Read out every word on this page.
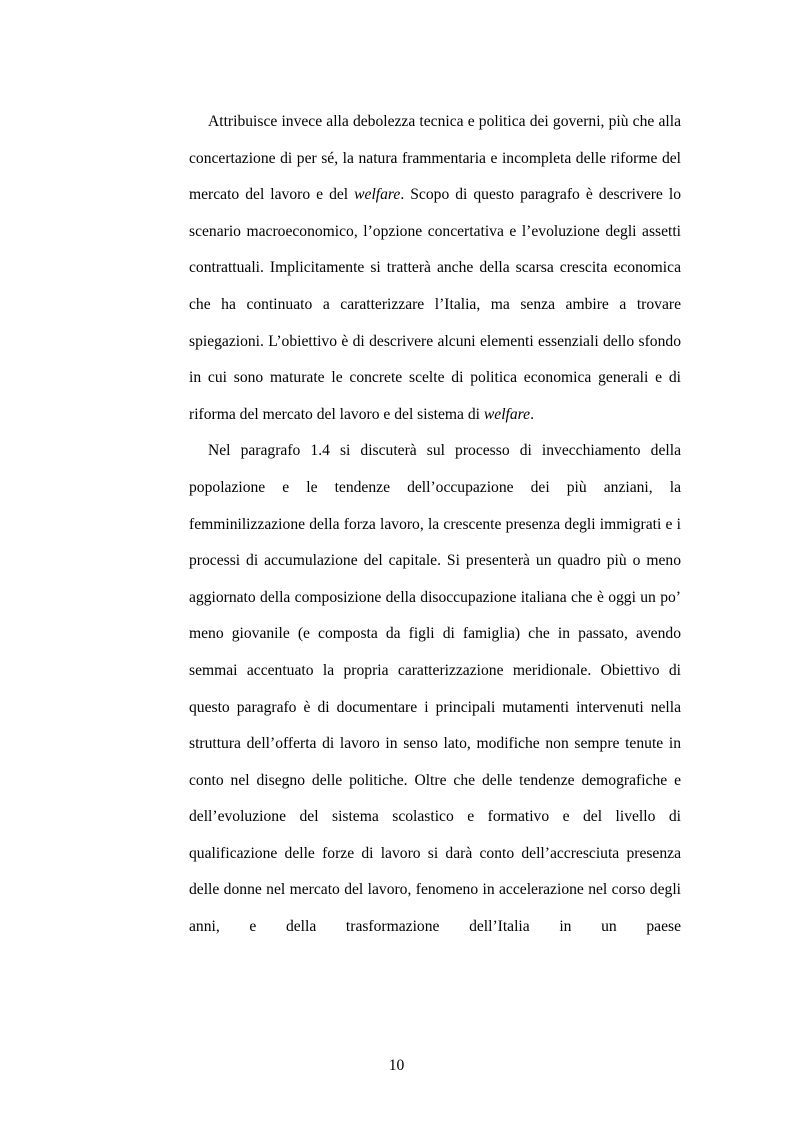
Attribuisce invece alla debolezza tecnica e politica dei governi, più che alla concertazione di per sé, la natura frammentaria e incompleta delle riforme del mercato del lavoro e del welfare. Scopo di questo paragrafo è descrivere lo scenario macroeconomico, l’opzione concertativa e l’evoluzione degli assetti contrattuali. Implicitamente si tratterà anche della scarsa crescita economica che ha continuato a caratterizzare l’Italia, ma senza ambire a trovare spiegazioni. L’obiettivo è di descrivere alcuni elementi essenziali dello sfondo in cui sono maturate le concrete scelte di politica economica generali e di riforma del mercato del lavoro e del sistema di welfare.

Nel paragrafo 1.4 si discuterà sul processo di invecchiamento della popolazione e le tendenze dell’occupazione dei più anziani, la femminilizzazione della forza lavoro, la crescente presenza degli immigrati e i processi di accumulazione del capitale. Si presenterà un quadro più o meno aggiornato della composizione della disoccupazione italiana che è oggi un po’ meno giovanile (e composta da figli di famiglia) che in passato, avendo semmai accentuato la propria caratterizzazione meridionale. Obiettivo di questo paragrafo è di documentare i principali mutamenti intervenuti nella struttura dell’offerta di lavoro in senso lato, modifiche non sempre tenute in conto nel disegno delle politiche. Oltre che delle tendenze demografiche e dell’evoluzione del sistema scolastico e formativo e del livello di qualificazione delle forze di lavoro si darà conto dell’accresciuta presenza delle donne nel mercato del lavoro, fenomeno in accelerazione nel corso degli anni, e della trasformazione dell’Italia in un paese

10
